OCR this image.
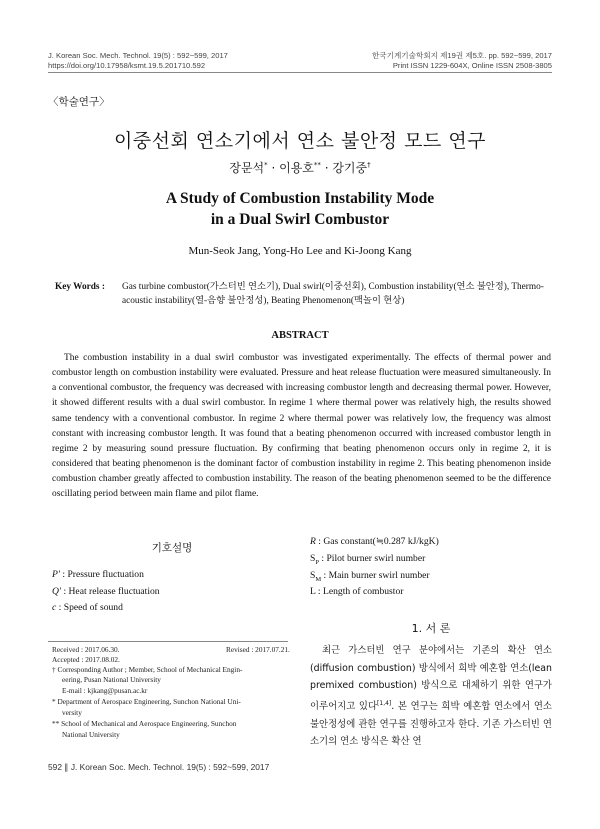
J. Korean Soc. Mech. Technol. 19(5) : 592~599, 2017
https://doi.org/10.17958/ksmt.19.5.201710.592
한국기계기술학회지 제19권 제5호. pp. 592~599, 2017
Print ISSN 1229-604X, Online ISSN 2508-3805
〈학술연구〉
이중선회 연소기에서 연소 불안정 모드 연구
장문석* · 이용호** · 강기중†
A Study of Combustion Instability Mode
in a Dual Swirl Combustor
Mun-Seok Jang, Yong-Ho Lee and Ki-Joong Kang
Key Words : Gas turbine combustor(가스터빈 연소기), Dual swirl(이중선회), Combustion instability(연소 불안정), Thermo-acoustic instability(열-음향 불안정성), Beating Phenomenon(맥놀이 현상)
ABSTRACT
The combustion instability in a dual swirl combustor was investigated experimentally. The effects of thermal power and combustor length on combustion instability were evaluated. Pressure and heat release fluctuation were measured simultaneously. In a conventional combustor, the frequency was decreased with increasing combustor length and decreasing thermal power. However, it showed different results with a dual swirl combustor. In regime 1 where thermal power was relatively high, the results showed same tendency with a conventional combustor. In regime 2 where thermal power was relatively low, the frequency was almost constant with increasing combustor length. It was found that a beating phenomenon occurred with increased combustor length in regime 2 by measuring sound pressure fluctuation. By confirming that beating phenomenon occurs only in regime 2, it is considered that beating phenomenon is the dominant factor of combustion instability in regime 2. This beating phenomenon inside combustion chamber greatly affected to combustion instability. The reason of the beating phenomenon seemed to be the difference oscillating period between main flame and pilot flame.
기호설명
P′ : Pressure fluctuation
Q′ : Heat release fluctuation
c : Speed of sound
R : Gas constant(≒0.287 kJ/kgK)
$S_P$ : Pilot burner swirl number
$S_M$ : Main burner swirl number
L : Length of combustor
Received : 2017.06.30.	Revised : 2017.07.21.
Accepted : 2017.08.02.
† Corresponding Author ; Member, School of Mechanical Engin-
eering, Pusan National University
E-mail : kjkang@pusan.ac.kr
* Department of Aerospace Engineering, Sunchon National Uni-
versity
** School of Mechanical and Aerospace Engineering, Sunchon
National University
1. 서 론
최근 가스터빈 연구 분야에서는 기존의 확산 연소(diffusion combustion) 방식에서 희박 예혼합 연소(lean premixed combustion) 방식으로 대체하기 위한 연구가 이루어지고 있다[1,4]. 본 연구는 희박 예혼합 연소에서 연소 불안정성에 관한 연구를 진행하고자 한다. 기존 가스터빈 연소기의 연소 방식은 확산 연
592 ∥ J. Korean Soc. Mech. Technol. 19(5) : 592~599, 2017
